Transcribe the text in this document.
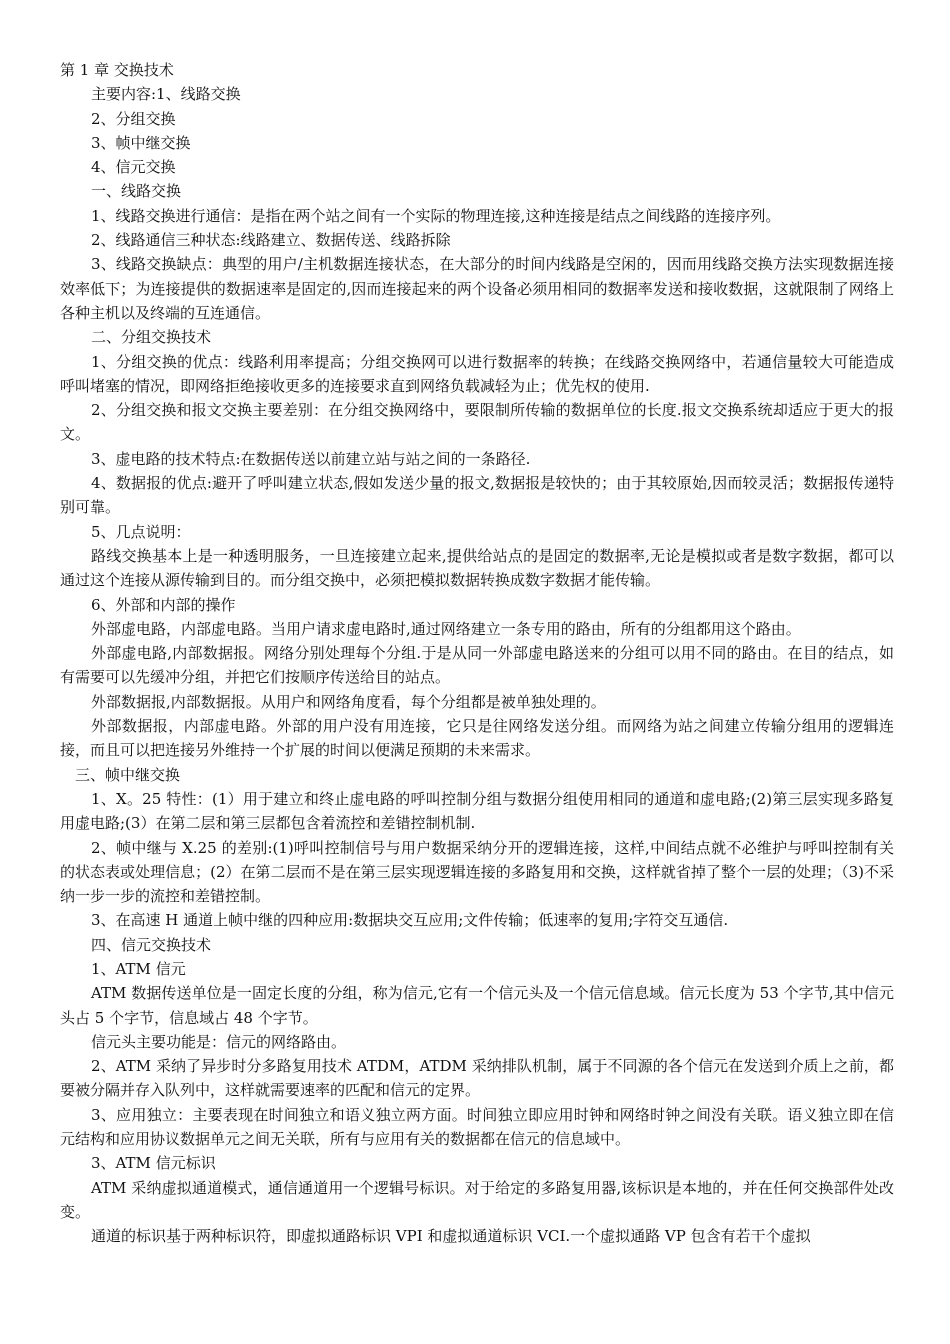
第 1 章 交换技术

主要内容:1、线路交换

2、分组交换

3、帧中继交换

4、信元交换

一、线路交换

1、线路交换进行通信：是指在两个站之间有一个实际的物理连接,这种连接是结点之间线路的连接序列。

2、线路通信三种状态:线路建立、数据传送、线路拆除

3、线路交换缺点：典型的用户/主机数据连接状态，在大部分的时间内线路是空闲的，因而用线路交换方法实现数据连接效率低下；为连接提供的数据速率是固定的,因而连接起来的两个设备必须用相同的数据率发送和接收数据，这就限制了网络上各种主机以及终端的互连通信。

二、分组交换技术

1、分组交换的优点：线路利用率提高；分组交换网可以进行数据率的转换；在线路交换网络中，若通信量较大可能造成呼叫堵塞的情况，即网络拒绝接收更多的连接要求直到网络负载减轻为止；优先权的使用.

2、分组交换和报文交换主要差别：在分组交换网络中，要限制所传输的数据单位的长度.报文交换系统却适应于更大的报文。

3、虚电路的技术特点:在数据传送以前建立站与站之间的一条路径.

4、数据报的优点:避开了呼叫建立状态,假如发送少量的报文,数据报是较快的；由于其较原始,因而较灵活；数据报传递特别可靠。

5、几点说明：

路线交换基本上是一种透明服务，一旦连接建立起来,提供给站点的是固定的数据率,无论是模拟或者是数字数据，都可以通过这个连接从源传输到目的。而分组交换中，必须把模拟数据转换成数字数据才能传输。

6、外部和内部的操作

外部虚电路，内部虚电路。当用户请求虚电路时,通过网络建立一条专用的路由，所有的分组都用这个路由。

外部虚电路,内部数据报。网络分别处理每个分组.于是从同一外部虚电路送来的分组可以用不同的路由。在目的结点，如有需要可以先缓冲分组，并把它们按顺序传送给目的站点。

外部数据报,内部数据报。从用户和网络角度看，每个分组都是被单独处理的。

外部数据报，内部虚电路。外部的用户没有用连接，它只是往网络发送分组。而网络为站之间建立传输分组用的逻辑连接，而且可以把连接另外维持一个扩展的时间以便满足预期的未来需求。

三、帧中继交换

1、X。25 特性：(1）用于建立和终止虚电路的呼叫控制分组与数据分组使用相同的通道和虚电路;(2)第三层实现多路复用虚电路;(3）在第二层和第三层都包含着流控和差错控制机制.

2、帧中继与 X.25 的差别:(1)呼叫控制信号与用户数据采纳分开的逻辑连接，这样,中间结点就不必维护与呼叫控制有关的状态表或处理信息；(2）在第二层而不是在第三层实现逻辑连接的多路复用和交换，这样就省掉了整个一层的处理；（3)不采纳一步一步的流控和差错控制。

3、在高速 H 通道上帧中继的四种应用:数据块交互应用;文件传输；低速率的复用;字符交互通信.

四、信元交换技术

1、ATM 信元

ATM 数据传送单位是一固定长度的分组，称为信元,它有一个信元头及一个信元信息域。信元长度为 53 个字节,其中信元头占 5 个字节，信息域占 48 个字节。

信元头主要功能是：信元的网络路由。

2、ATM 采纳了异步时分多路复用技术 ATDM，ATDM 采纳排队机制，属于不同源的各个信元在发送到介质上之前，都要被分隔并存入队列中，这样就需要速率的匹配和信元的定界。

3、应用独立：主要表现在时间独立和语义独立两方面。时间独立即应用时钟和网络时钟之间没有关联。语义独立即在信元结构和应用协议数据单元之间无关联，所有与应用有关的数据都在信元的信息域中。

3、ATM 信元标识

ATM 采纳虚拟通道模式，通信通道用一个逻辑号标识。对于给定的多路复用器,该标识是本地的，并在任何交换部件处改变。

通道的标识基于两种标识符，即虚拟通路标识 VPI 和虚拟通道标识 VCI.一个虚拟通路 VP 包含有若干个虚拟
